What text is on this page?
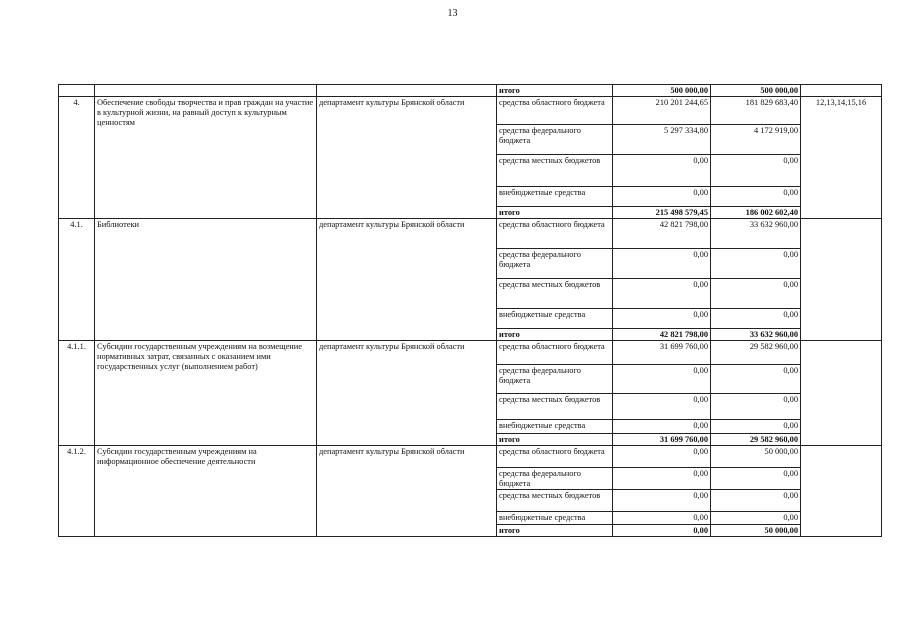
13
			итого	500 000,00	500 000,00	
4.	Обеспечение свободы творчества и прав граждан на участие в культурной жизни, на равный доступ к культурным ценностям	департамент культуры Брянской области	средства областного бюджета	210 201 244,65	181 829 683,40	12,13,14,15,16
			средства федерального бюджета	5 297 334,80	4 172 919,00	
			средства местных бюджетов	0,00	0,00	
			внебюджетные средства	0,00	0,00	
			итого	215 498 579,45	186 002 602,40	
4.1.	Библиотеки	департамент культуры Брянской области	средства областного бюджета	42 821 798,00	33 632 960,00	
			средства федерального бюджета	0,00	0,00	
			средства местных бюджетов	0,00	0,00	
			внебюджетные средства	0,00	0,00	
			итого	42 821 798,00	33 632 960,00	
4.1.1.	Субсидии государственным учреждениям на возмещение нормативных затрат, связанных с оказанием ими государственных услуг (выполнением работ)	департамент культуры Брянской области	средства областного бюджета	31 699 760,00	29 582 960,00	
			средства федерального бюджета	0,00	0,00	
			средства местных бюджетов	0,00	0,00	
			внебюджетные средства	0,00	0,00	
			итого	31 699 760,00	29 582 960,00	
4.1.2.	Субсидии государственным учреждениям на информационное обеспечение деятельности	департамент культуры Брянской области	средства областного бюджета	0,00	50 000,00	
			средства федерального бюджета	0,00	0,00	
			средства местных бюджетов	0,00	0,00	
			внебюджетные средства	0,00	0,00	
			итого	0,00	50 000,00	
